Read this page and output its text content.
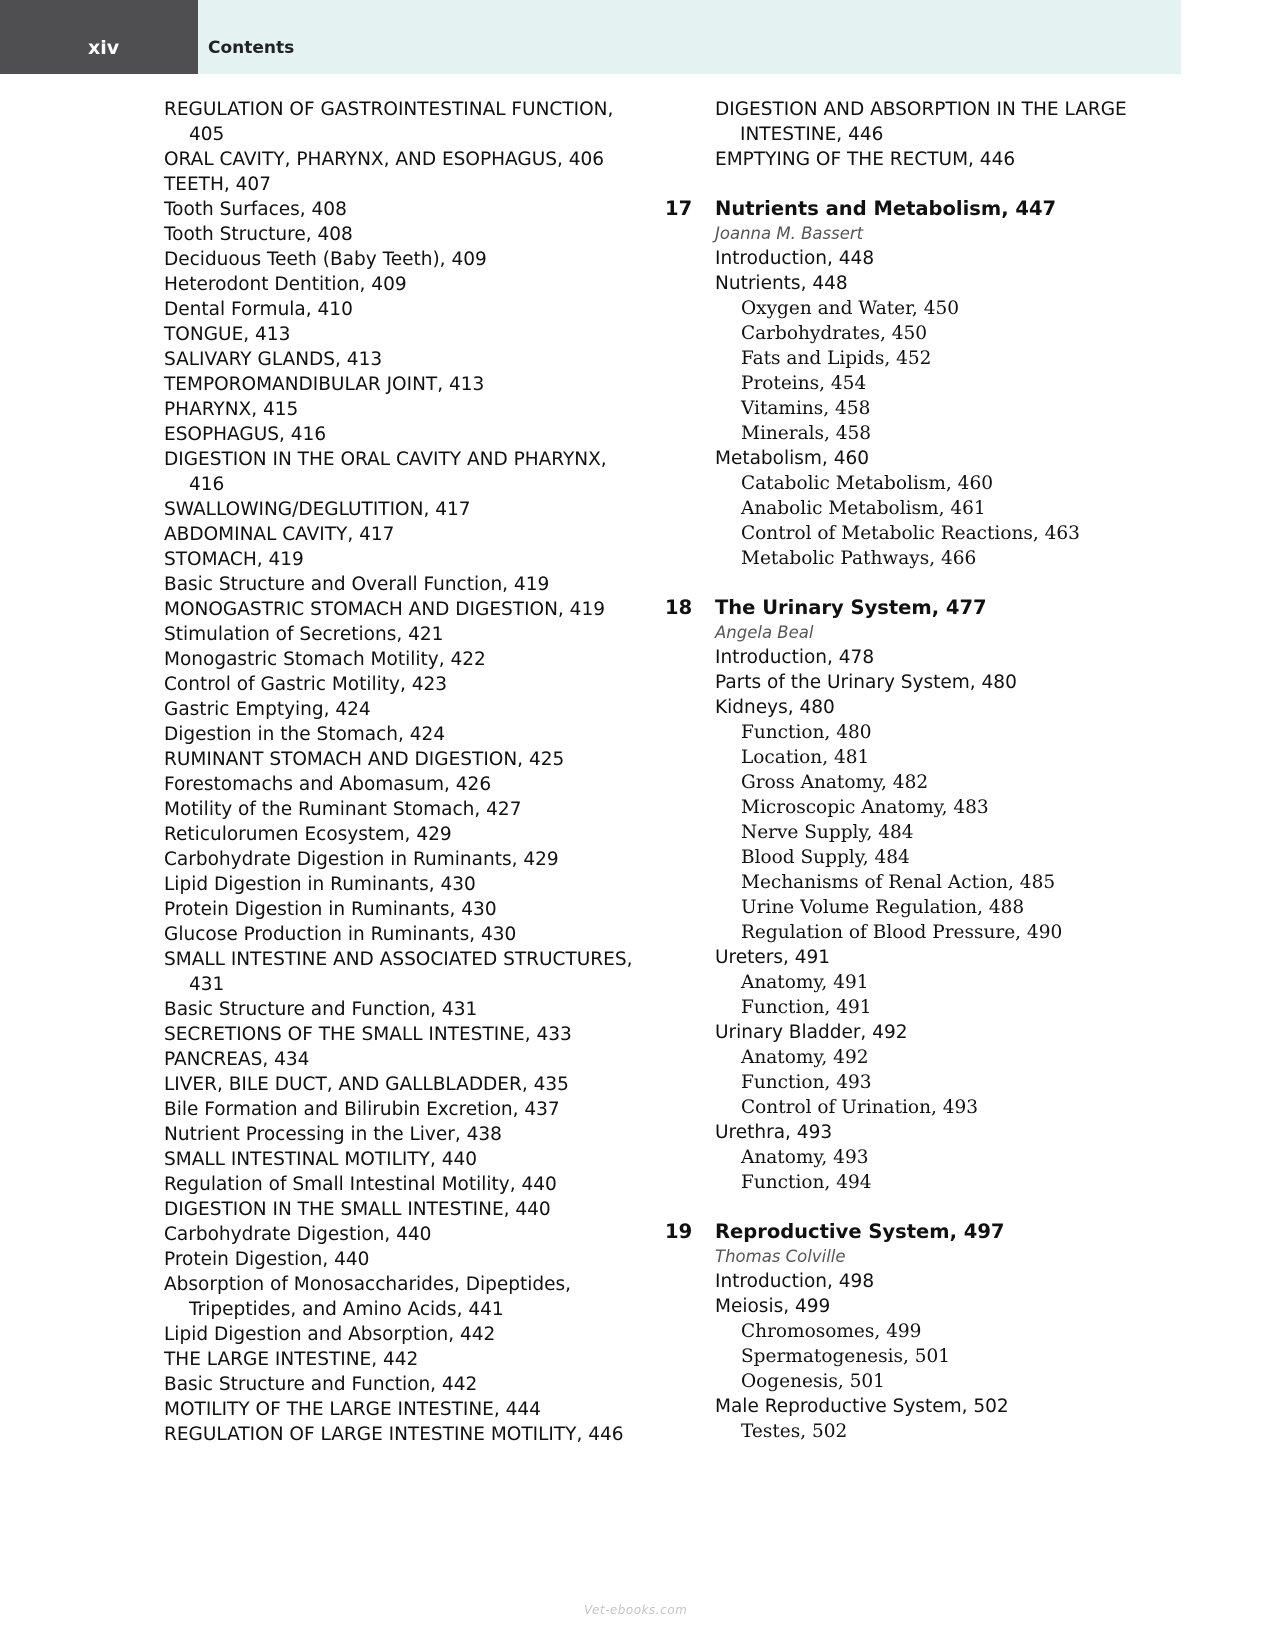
xiv	Contents
REGULATION OF GASTROINTESTINAL FUNCTION,
405
ORAL CAVITY, PHARYNX, AND ESOPHAGUS, 406
TEETH, 407
Tooth Surfaces, 408
Tooth Structure, 408
Deciduous Teeth (Baby Teeth), 409
Heterodont Dentition, 409
Dental Formula, 410
TONGUE, 413
SALIVARY GLANDS, 413
TEMPOROMANDIBULAR JOINT, 413
PHARYNX, 415
ESOPHAGUS, 416
DIGESTION IN THE ORAL CAVITY AND PHARYNX,
416
SWALLOWING/DEGLUTITION, 417
ABDOMINAL CAVITY, 417
STOMACH, 419
Basic Structure and Overall Function, 419
MONOGASTRIC STOMACH AND DIGESTION, 419
Stimulation of Secretions, 421
Monogastric Stomach Motility, 422
Control of Gastric Motility, 423
Gastric Emptying, 424
Digestion in the Stomach, 424
RUMINANT STOMACH AND DIGESTION, 425
Forestomachs and Abomasum, 426
Motility of the Ruminant Stomach, 427
Reticulorumen Ecosystem, 429
Carbohydrate Digestion in Ruminants, 429
Lipid Digestion in Ruminants, 430
Protein Digestion in Ruminants, 430
Glucose Production in Ruminants, 430
SMALL INTESTINE AND ASSOCIATED STRUCTURES,
431
Basic Structure and Function, 431
SECRETIONS OF THE SMALL INTESTINE, 433
PANCREAS, 434
LIVER, BILE DUCT, AND GALLBLADDER, 435
Bile Formation and Bilirubin Excretion, 437
Nutrient Processing in the Liver, 438
SMALL INTESTINAL MOTILITY, 440
Regulation of Small Intestinal Motility, 440
DIGESTION IN THE SMALL INTESTINE, 440
Carbohydrate Digestion, 440
Protein Digestion, 440
Absorption of Monosaccharides, Dipeptides,
Tripeptides, and Amino Acids, 441
Lipid Digestion and Absorption, 442
THE LARGE INTESTINE, 442
Basic Structure and Function, 442
MOTILITY OF THE LARGE INTESTINE, 444
REGULATION OF LARGE INTESTINE MOTILITY, 446
DIGESTION AND ABSORPTION IN THE LARGE
INTESTINE, 446
EMPTYING OF THE RECTUM, 446
17 Nutrients and Metabolism, 447
Joanna M. Bassert
Introduction, 448
Nutrients, 448
Oxygen and Water, 450
Carbohydrates, 450
Fats and Lipids, 452
Proteins, 454
Vitamins, 458
Minerals, 458
Metabolism, 460
Catabolic Metabolism, 460
Anabolic Metabolism, 461
Control of Metabolic Reactions, 463
Metabolic Pathways, 466
18 The Urinary System, 477
Angela Beal
Introduction, 478
Parts of the Urinary System, 480
Kidneys, 480
Function, 480
Location, 481
Gross Anatomy, 482
Microscopic Anatomy, 483
Nerve Supply, 484
Blood Supply, 484
Mechanisms of Renal Action, 485
Urine Volume Regulation, 488
Regulation of Blood Pressure, 490
Ureters, 491
Anatomy, 491
Function, 491
Urinary Bladder, 492
Anatomy, 492
Function, 493
Control of Urination, 493
Urethra, 493
Anatomy, 493
Function, 494
19 Reproductive System, 497
Thomas Colville
Introduction, 498
Meiosis, 499
Chromosomes, 499
Spermatogenesis, 501
Oogenesis, 501
Male Reproductive System, 502
Testes, 502
Vet-ebooks.com
